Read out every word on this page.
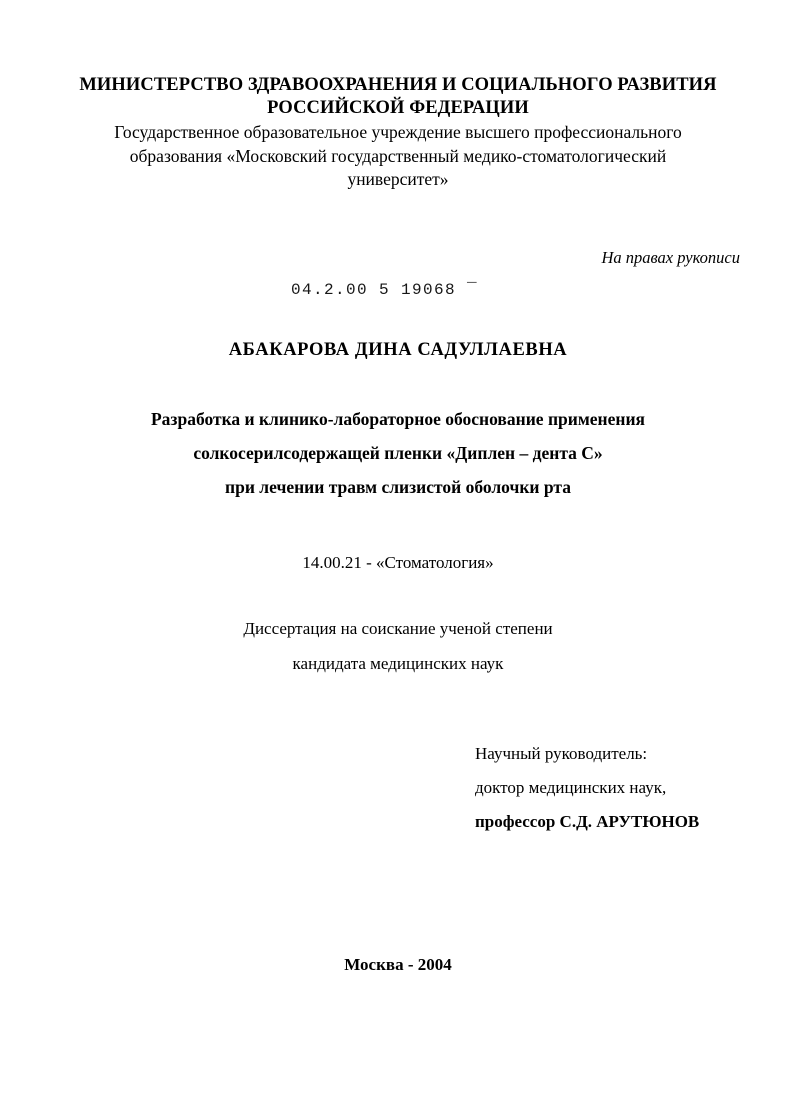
МИНИСТЕРСТВО ЗДРАВООХРАНЕНИЯ И СОЦИАЛЬНОГО РАЗВИТИЯ
РОССИЙСКОЙ ФЕДЕРАЦИИ
Государственное образовательное учреждение высшего профессионального
образования «Московский государственный медико-стоматологический
университет»
На правах рукописи
04.2.00 5 19068 ‾
АБАКАРОВА ДИНА САДУЛЛАЕВНА
Разработка и клинико-лабораторное обоснование применения
солкосерилсодержащей пленки «Диплен – дента С»
при лечении травм слизистой оболочки рта
14.00.21 - «Стоматология»
Диссертация на соискание ученой степени
кандидата медицинских наук
Научный руководитель:
доктор медицинских наук,
профессор С.Д. АРУТЮНОВ
Москва - 2004
